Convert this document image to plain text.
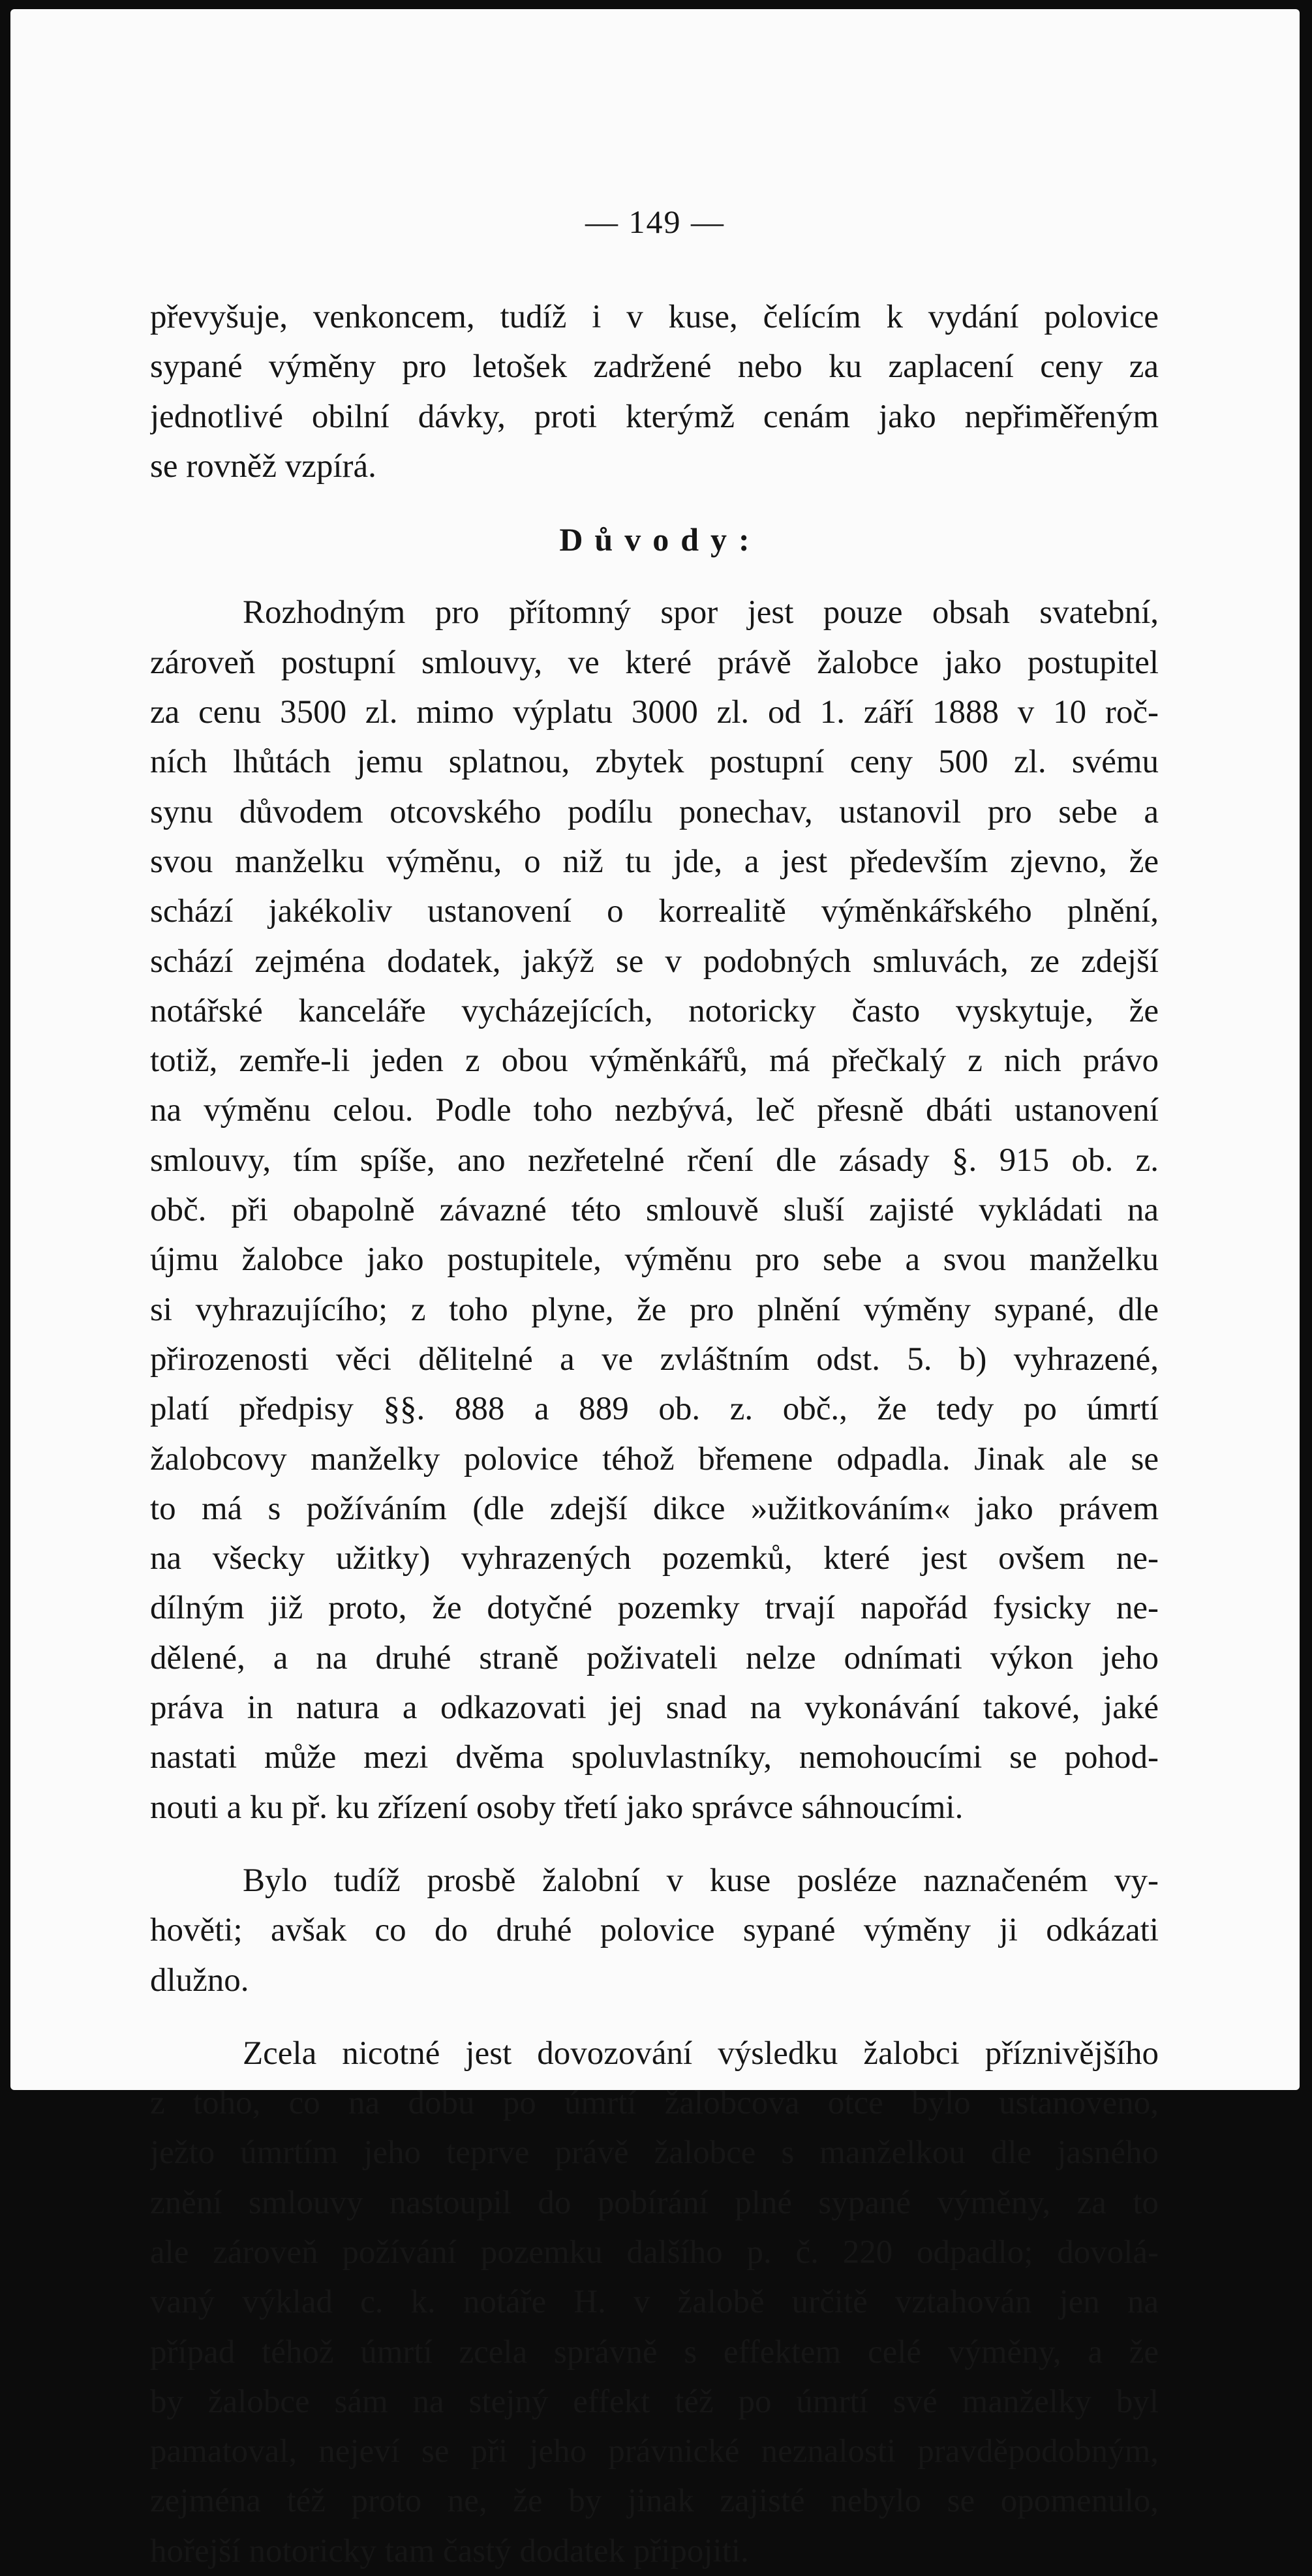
— 149 —
převyšuje, venkoncem, tudíž i v kuse, čelícím k vydání polovice
sypané výměny pro letošek zadržené nebo ku zaplacení ceny za
jednotlivé obilní dávky, proti kterýmž cenám jako nepřiměřeným
se rovněž vzpírá.
Důvody:
Rozhodným pro přítomný spor jest pouze obsah svatební,
zároveň postupní smlouvy, ve které právě žalobce jako postupitel
za cenu 3500 zl. mimo výplatu 3000 zl. od 1. září 1888 v 10 roč-
ních lhůtách jemu splatnou, zbytek postupní ceny 500 zl. svému
synu důvodem otcovského podílu ponechav, ustanovil pro sebe a
svou manželku výměnu, o niž tu jde, a jest především zjevno, že
schází jakékoliv ustanovení o korrealitě výměnkářského plnění,
schází zejména dodatek, jakýž se v podobných smluvách, ze zdejší
notářské kanceláře vycházejících, notoricky často vyskytuje, že
totiž, zemře-li jeden z obou výměnkářů, má přečkalý z nich právo
na výměnu celou. Podle toho nezbývá, leč přesně dbáti ustanovení
smlouvy, tím spíše, ano nezřetelné rčení dle zásady §. 915 ob. z.
obč. při obapolně závazné této smlouvě sluší zajisté vykládati na
újmu žalobce jako postupitele, výměnu pro sebe a svou manželku
si vyhrazujícího; z toho plyne, že pro plnění výměny sypané, dle
přirozenosti věci dělitelné a ve zvláštním odst. 5. b) vyhrazené,
platí předpisy §§. 888 a 889 ob. z. obč., že tedy po úmrtí
žalobcovy manželky polovice téhož břemene odpadla. Jinak ale se
to má s požíváním (dle zdejší dikce »užitkováním« jako právem
na všecky užitky) vyhrazených pozemků, které jest ovšem ne-
dílným již proto, že dotyčné pozemky trvají napořád fysicky ne-
dělené, a na druhé straně poživateli nelze odnímati výkon jeho
práva in natura a odkazovati jej snad na vykonávání takové, jaké
nastati může mezi dvěma spoluvlastníky, nemohoucími se pohod-
nouti a ku př. ku zřízení osoby třetí jako správce sáhnoucími.
Bylo tudíž prosbě žalobní v kuse posléze naznačeném vy-
hověti; avšak co do druhé polovice sypané výměny ji odkázati
dlužno.
Zcela nicotné jest dovozování výsledku žalobci příznivějšího
z toho, co na dobu po úmrtí žalobcova otce bylo ustanoveno,
ježto úmrtím jeho teprve právě žalobce s manželkou dle jasného
znění smlouvy nastoupil do pobírání plné sypané výměny, za to
ale zároveň požívání pozemku dalšího p. č. 220 odpadlo; dovolá-
vaný výklad c. k. notáře H. v žalobě určitě vztahován jen na
případ téhož úmrtí zcela správně s effektem celé výměny, a že
by žalobce sám na stejný effekt též po úmrtí své manželky byl
pamatoval, nejeví se při jeho právnické neznalosti pravděpodobným,
zejména též proto ne, že by jinak zajisté nebylo se opomenulo,
hořejší notoricky tam častý dodatek připojiti.
